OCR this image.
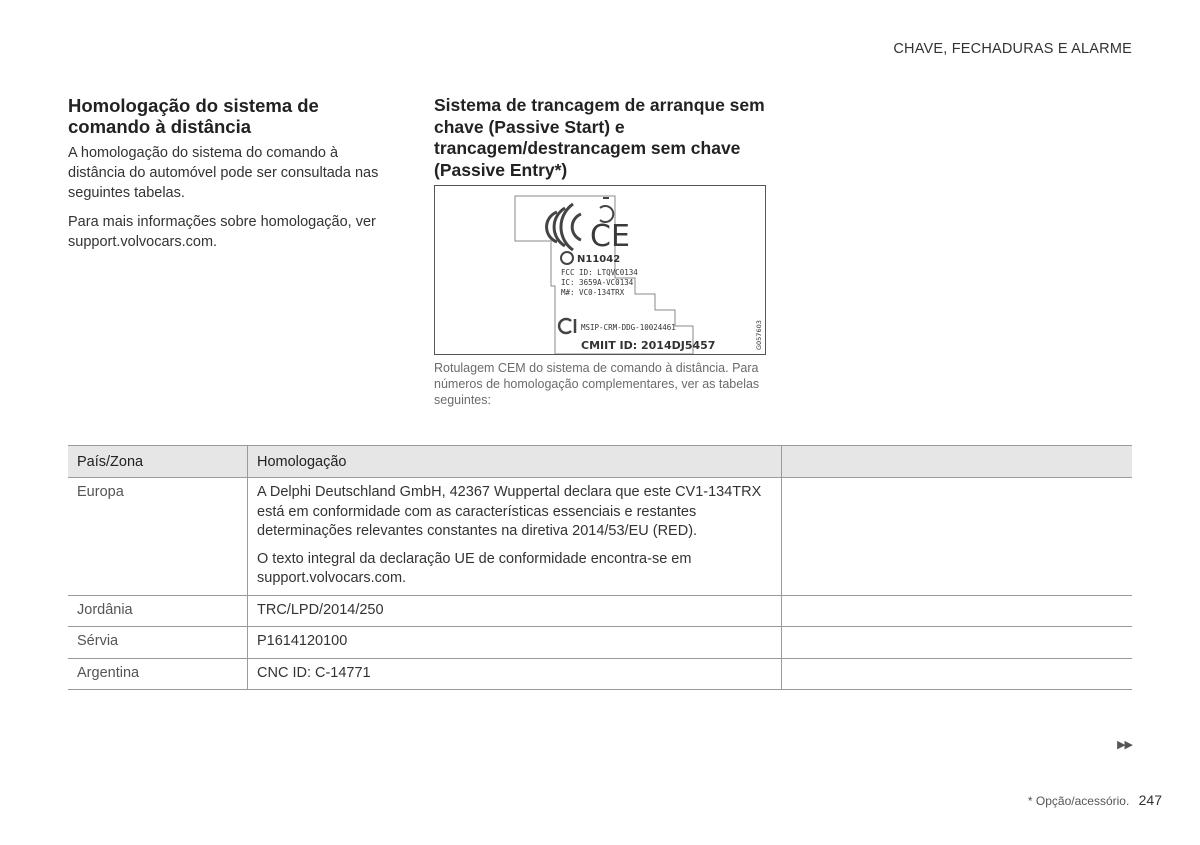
CHAVE, FECHADURAS E ALARME
Homologação do sistema de comando à distância

A homologação do sistema do comando à distância do automóvel pode ser consultada nas seguintes tabelas.

Para mais informações sobre homologação, ver support.volvocars.com.

Sistema de trancagem de arranque sem chave (Passive Start) e trancagem/destrancagem sem chave (Passive Entry*)
CE
N11042
FCC ID: LTQVC0134
IC: 3659A-VC0134
M#: VC0-134TRX
MSIP-CRM-DDG-10024461
CMIIT ID: 2014DJ5457	G057603
Rotulagem CEM do sistema de comando à distância. Para números de homologação complementares, ver as tabelas seguintes:
País/Zona	Homologação	
Europa	A Delphi Deutschland GmbH, 42367 Wuppertal declara que este CV1-134TRX está em conformidade com as características essenciais e restantes determinações relevantes constantes na diretiva 2014/53/EU (RED).

O texto integral da declaração UE de conformidade encontra-se em support.volvocars.com.	

Jordânia	TRC/LPD/2014/250	
Sérvia	P1614120100	
Argentina	CNC ID: C-14771	
▶▶
* Opção/acessório. 247
